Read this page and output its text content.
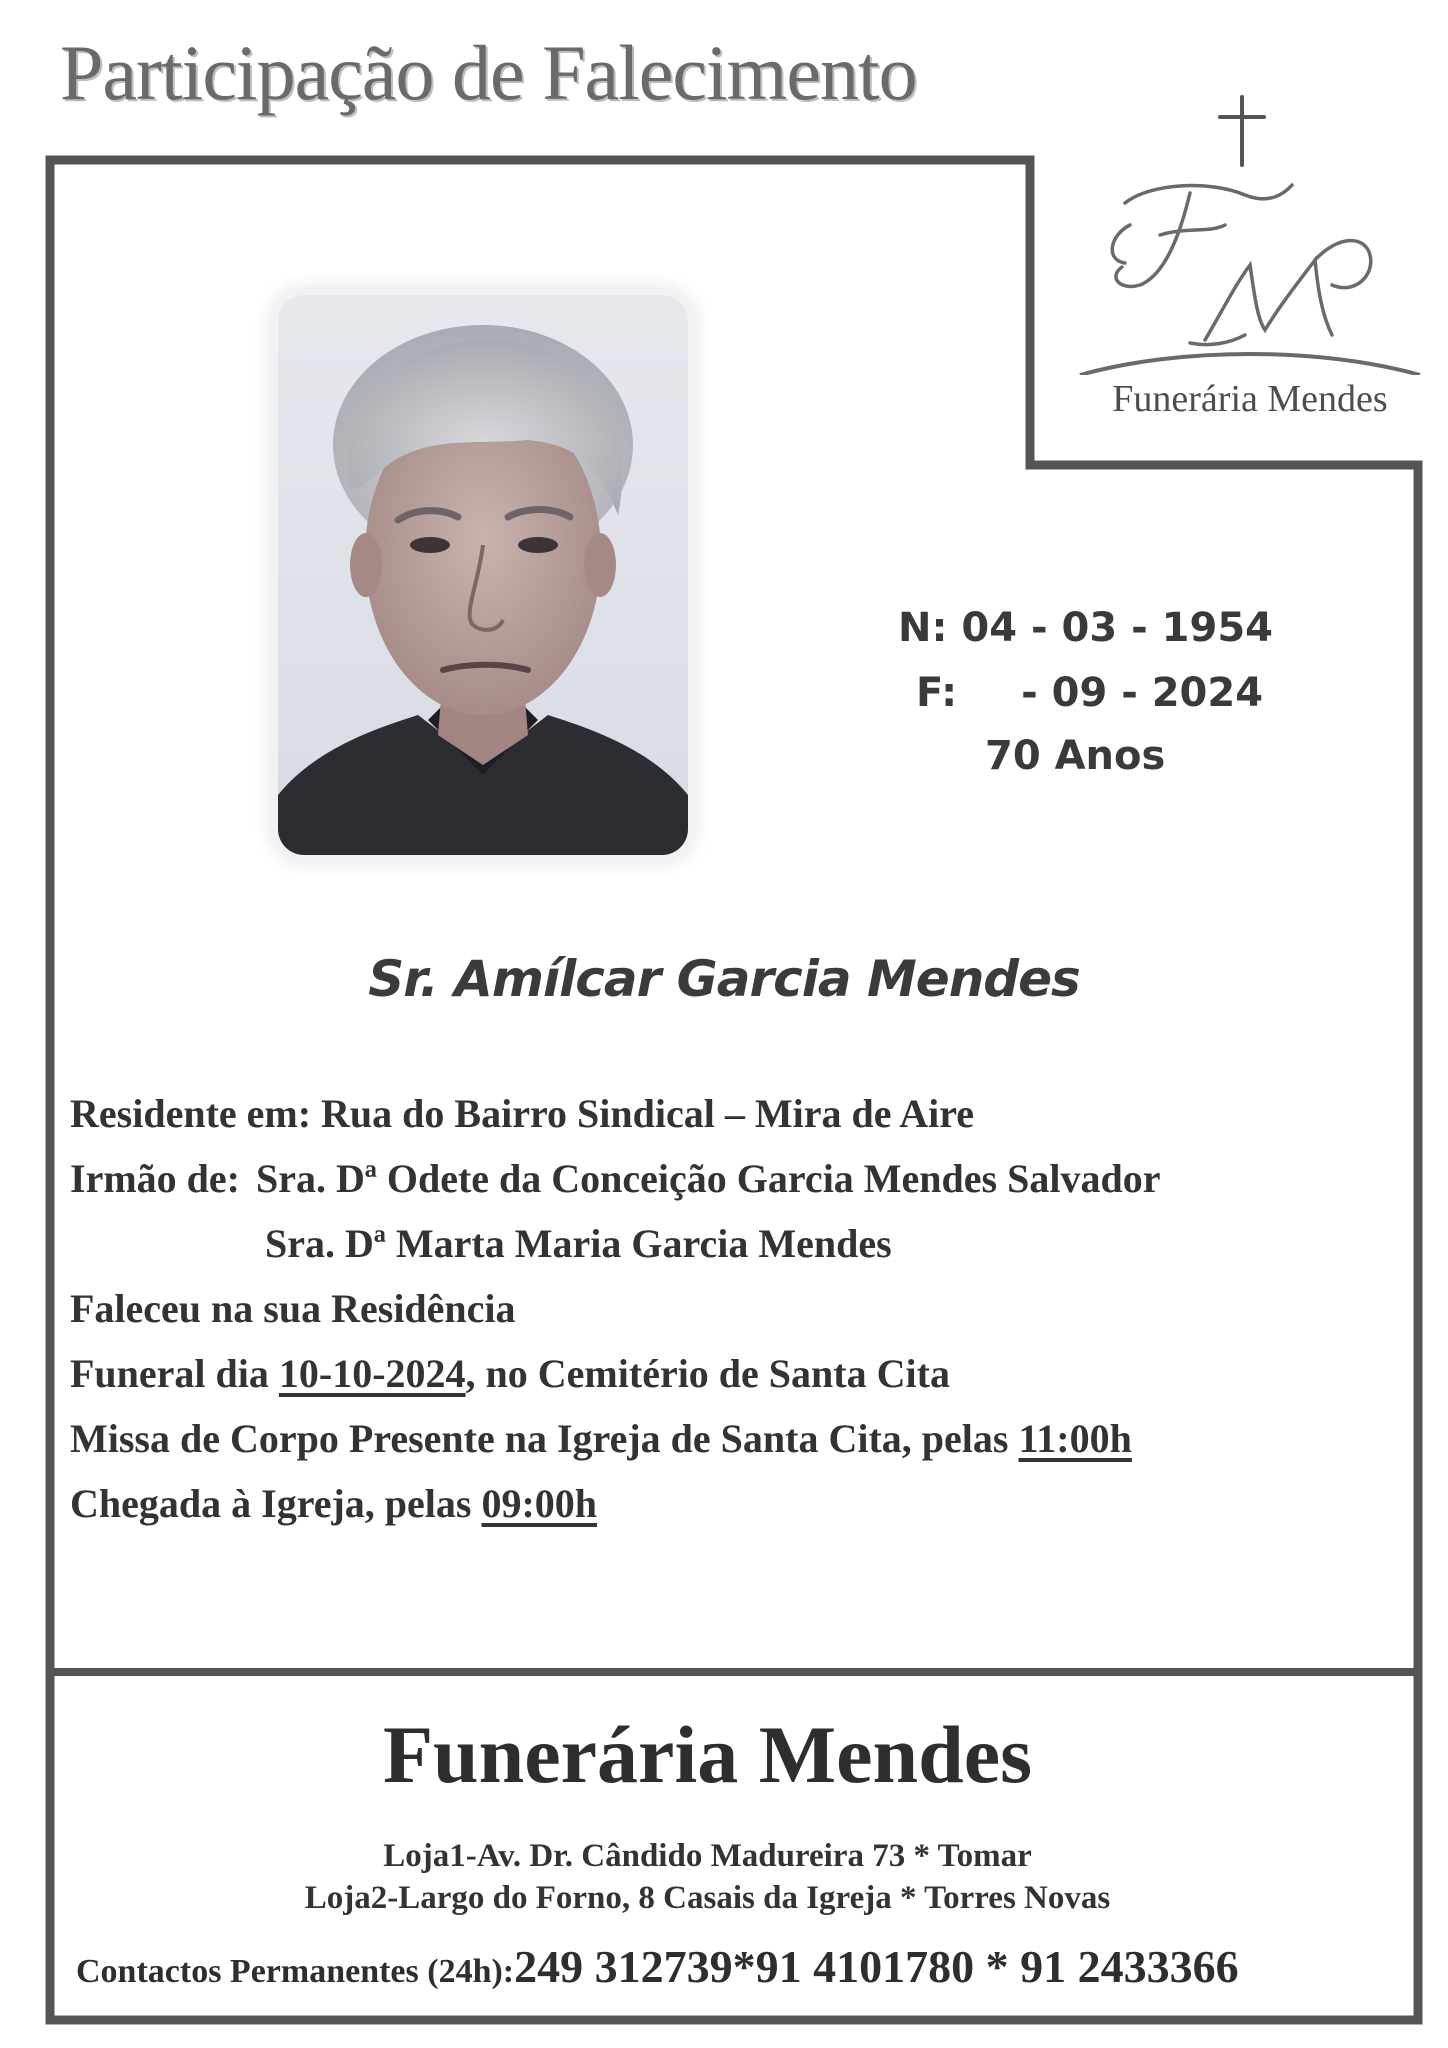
Participação de Falecimento
Funerária Mendes
N: 04 - 03 - 1954
F: - 09 - 2024
70 Anos
Sr. Amílcar Garcia Mendes
Residente em: Rua do Bairro Sindical – Mira de Aire
Irmão de: Sra. Dª Odete da Conceição Garcia Mendes Salvador
Sra. Dª Marta Maria Garcia Mendes
Faleceu na sua Residência
Funeral dia 10-10-2024, no Cemitério de Santa Cita
Missa de Corpo Presente na Igreja de Santa Cita, pelas 11:00h
Chegada à Igreja, pelas 09:00h
Funerária Mendes
Loja1-Av. Dr. Cândido Madureira 73 * Tomar
Loja2-Largo do Forno, 8 Casais da Igreja * Torres Novas
Contactos Permanentes (24h):249 312739*91 4101780 * 91 2433366
